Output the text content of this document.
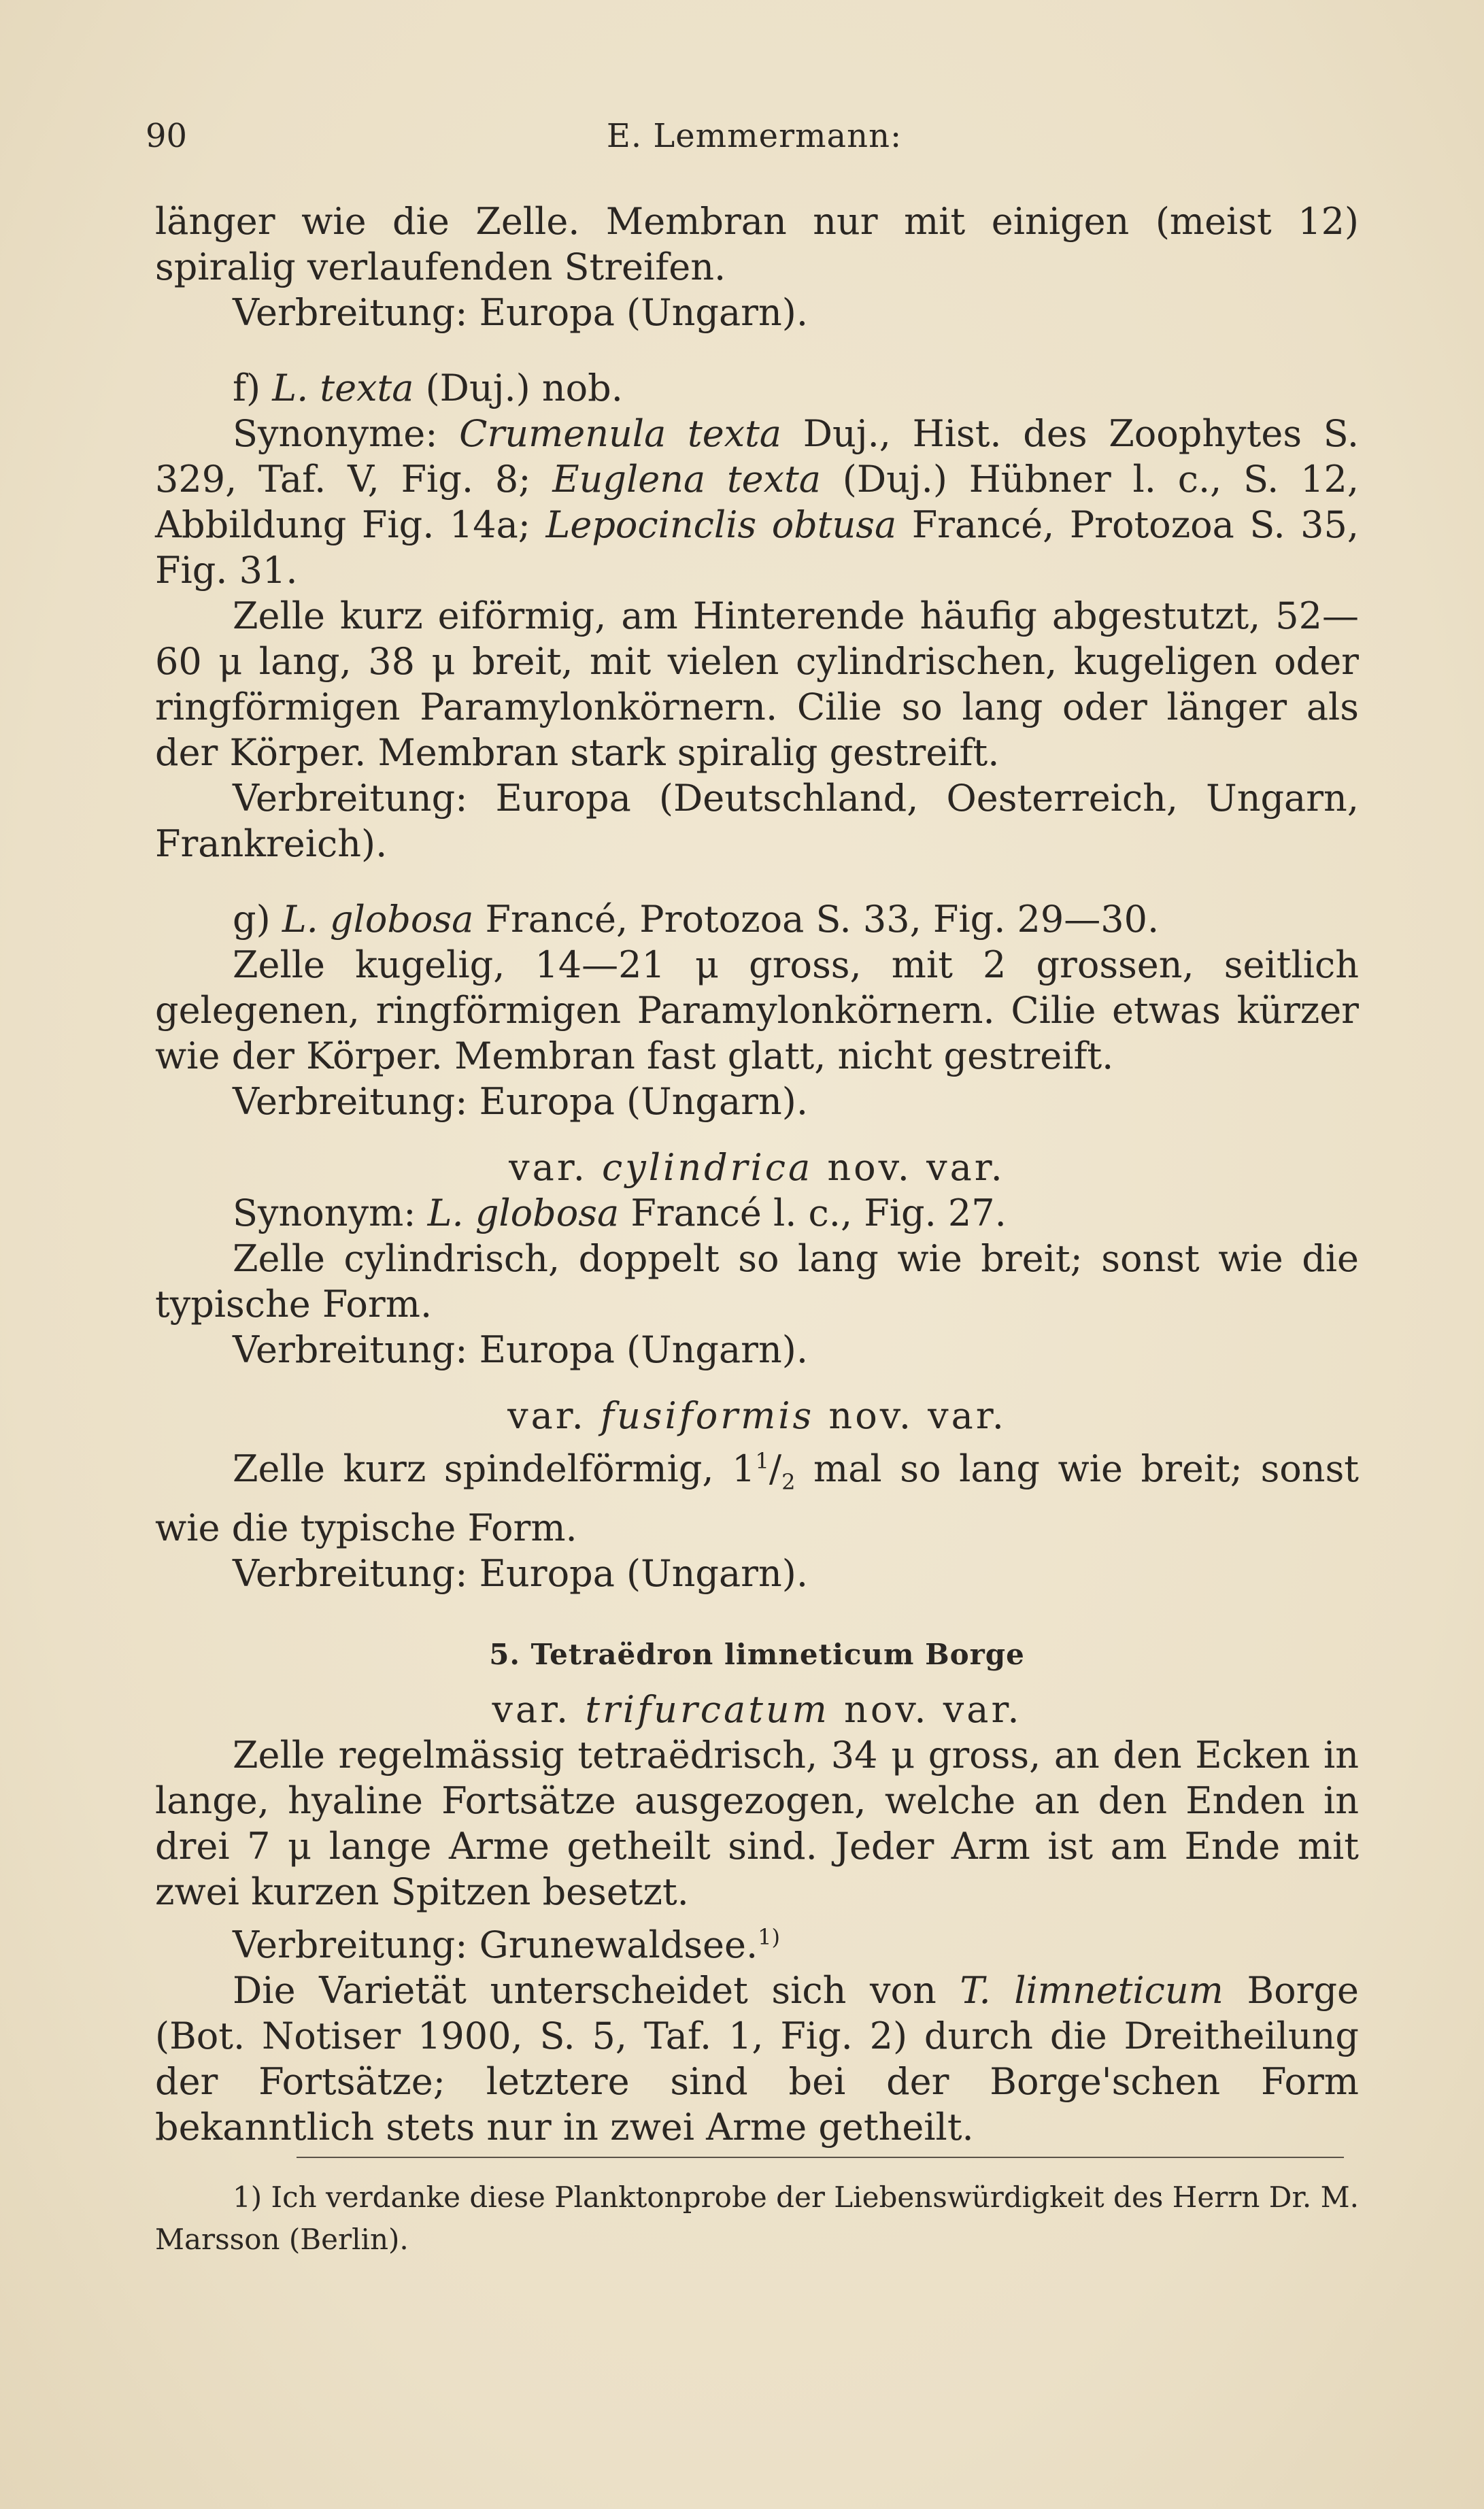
90	E. Lemmermann:

länger wie die Zelle. Membran nur mit einigen (meist 12) spiralig verlaufenden Streifen.

Verbreitung: Europa (Ungarn).

f) L. texta (Duj.) nob.

Synonyme: Crumenula texta Duj., Hist. des Zoophytes S. 329, Taf. V, Fig. 8; Euglena texta (Duj.) Hübner l. c., S. 12, Abbildung Fig. 14a; Lepocinclis obtusa Francé, Protozoa S. 35, Fig. 31.

Zelle kurz eiförmig, am Hinterende häufig abgestutzt, 52—60 μ lang, 38 μ breit, mit vielen cylindrischen, kugeligen oder ringförmigen Paramylonkörnern. Cilie so lang oder länger als der Körper. Membran stark spiralig gestreift.

Verbreitung: Europa (Deutschland, Oesterreich, Ungarn, Frankreich).

g) L. globosa Francé, Protozoa S. 33, Fig. 29—30.

Zelle kugelig, 14—21 μ gross, mit 2 grossen, seitlich gelegenen, ringförmigen Paramylonkörnern. Cilie etwas kürzer wie der Körper. Membran fast glatt, nicht gestreift.

Verbreitung: Europa (Ungarn).

var. cylindrica nov. var.

Synonym: L. globosa Francé l. c., Fig. 27.

Zelle cylindrisch, doppelt so lang wie breit; sonst wie die typische Form.

Verbreitung: Europa (Ungarn).

var. fusiformis nov. var.

Zelle kurz spindelförmig, $1^1/_2$ mal so lang wie breit; sonst wie die typische Form.

Verbreitung: Europa (Ungarn).

5. Tetraëdron limneticum Borge

var. trifurcatum nov. var.

Zelle regelmässig tetraëdrisch, 34 μ gross, an den Ecken in lange, hyaline Fortsätze ausgezogen, welche an den Enden in drei 7 μ lange Arme getheilt sind. Jeder Arm ist am Ende mit zwei kurzen Spitzen besetzt.

Verbreitung: Grunewaldsee.$^{1)}$

Die Varietät unterscheidet sich von T. limneticum Borge (Bot. Notiser 1900, S. 5, Taf. 1, Fig. 2) durch die Dreitheilung der Fortsätze; letztere sind bei der Borge'schen Form bekanntlich stets nur in zwei Arme getheilt.

1) Ich verdanke diese Planktonprobe der Liebenswürdigkeit des Herrn Dr. M. Marsson (Berlin).
